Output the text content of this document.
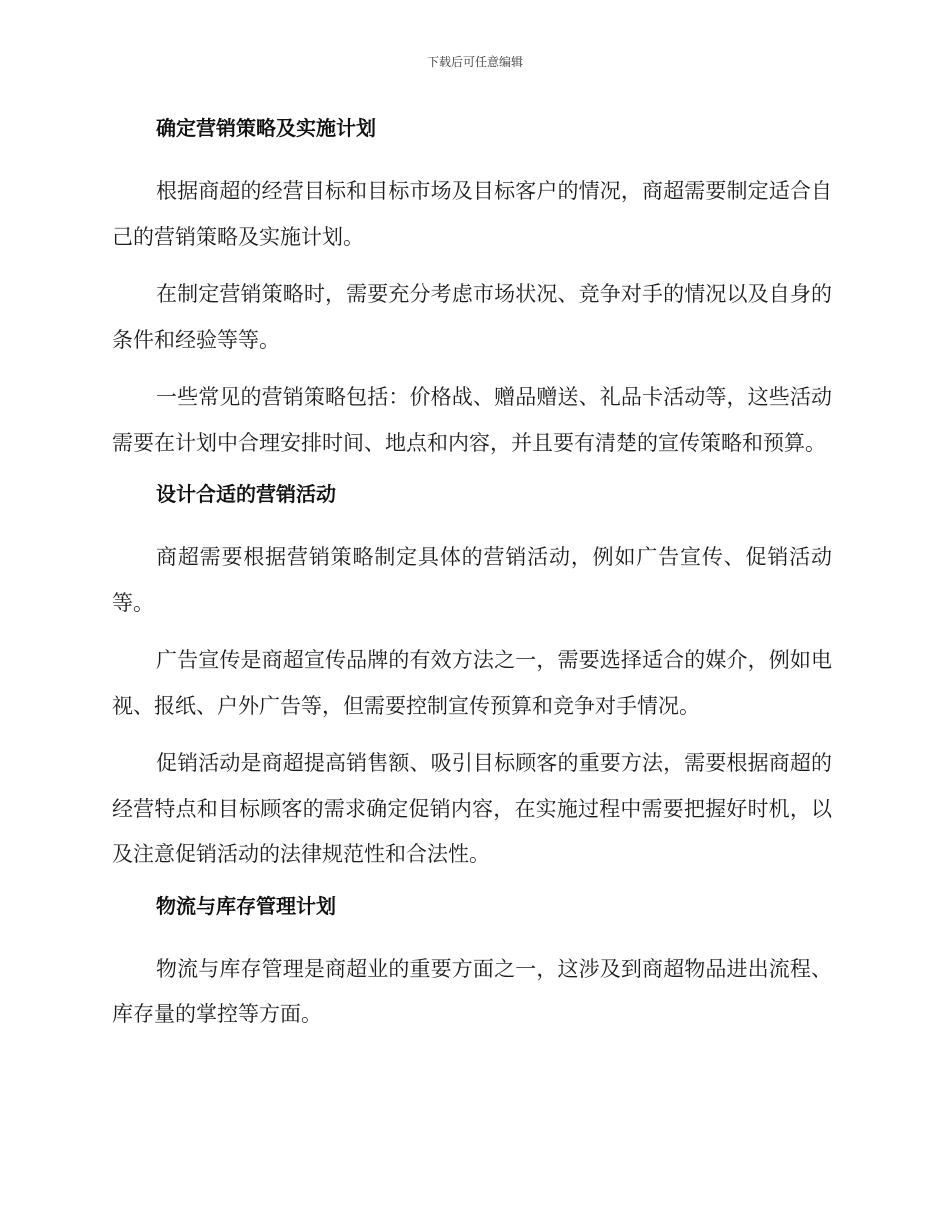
下载后可任意编辑
确定营销策略及实施计划

根据商超的经营目标和目标市场及目标客户的情况，商超需要制定适合自己的营销策略及实施计划。

在制定营销策略时，需要充分考虑市场状况、竞争对手的情况以及自身的条件和经验等等。

一些常见的营销策略包括：价格战、赠品赠送、礼品卡活动等，这些活动需要在计划中合理安排时间、地点和内容，并且要有清楚的宣传策略和预算。

设计合适的营销活动

商超需要根据营销策略制定具体的营销活动，例如广告宣传、促销活动等。

广告宣传是商超宣传品牌的有效方法之一，需要选择适合的媒介，例如电视、报纸、户外广告等，但需要控制宣传预算和竞争对手情况。

促销活动是商超提高销售额、吸引目标顾客的重要方法，需要根据商超的经营特点和目标顾客的需求确定促销内容，在实施过程中需要把握好时机，以及注意促销活动的法律规范性和合法性。

物流与库存管理计划

物流与库存管理是商超业的重要方面之一，这涉及到商超物品进出流程、库存量的掌控等方面。
